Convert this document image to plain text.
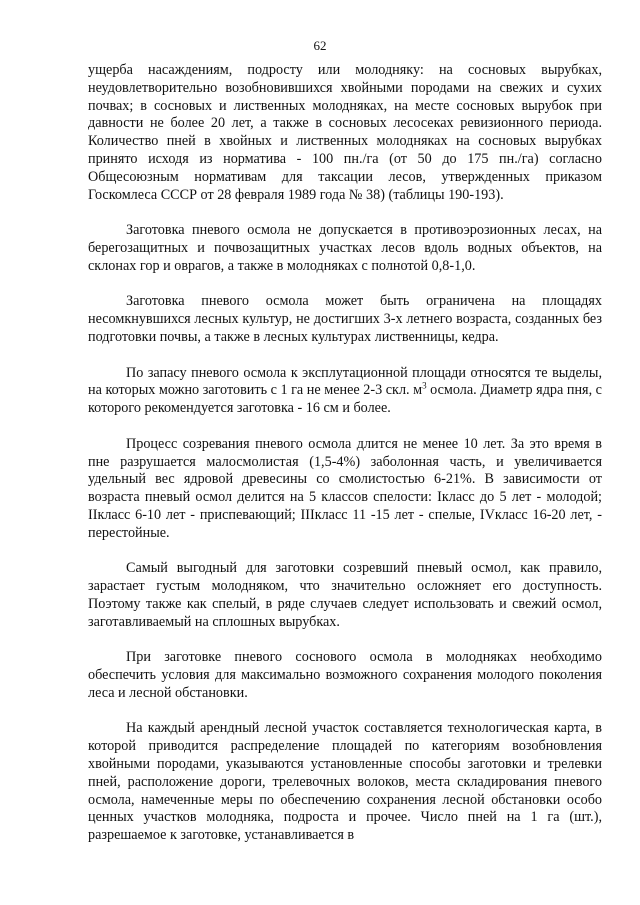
62

ущерба насаждениям, подросту или молодняку: на сосновых вырубках, неудовлетворительно возобновившихся хвойными породами на свежих и сухих почвах; в сосновых и лиственных молодняках, на месте сосновых вырубок при давности не более 20 лет, а также в сосновых лесосеках ревизионного периода. Количество пней в хвойных и лиственных молодняках на сосновых вырубках принято исходя из норматива - 100 пн./га (от 50 до 175 пн./га) согласно Общесоюзным нормативам для таксации лесов, утвержденных приказом Госкомлеса СССР от 28 февраля 1989 года № 38) (таблицы 190-193).

Заготовка пневого осмола не допускается в противоэрозионных лесах, на берегозащитных и почвозащитных участках лесов вдоль водных объектов, на склонах гор и оврагов, а также в молодняках с полнотой 0,8-1,0.

Заготовка пневого осмола может быть ограничена на площадях несомкнувшихся лесных культур, не достигших 3-х летнего возраста, созданных без подготовки почвы, а также в лесных культурах лиственницы, кедра.

По запасу пневого осмола к эксплутационной площади относятся те выделы, на которых можно заготовить с 1 га не менее 2-3 скл. $м^3$ осмола. Диаметр ядра пня, с которого рекомендуется заготовка - 16 см и более.

Процесс созревания пневого осмола длится не менее 10 лет. За это время в пне разрушается малосмолистая (1,5-4%) заболонная часть, и увеличивается удельный вес ядровой древесины со смолистостью 6-21%. В зависимости от возраста пневый осмол делится на 5 классов спелости: Iкласс до 5 лет - молодой; IIкласс 6-10 лет - приспевающий; IIIкласс 11 -15 лет - спелые, IVкласс 16-20 лет, - перестойные.

Самый выгодный для заготовки созревший пневый осмол, как правило, зарастает густым молодняком, что значительно осложняет его доступность. Поэтому также как спелый, в ряде случаев следует использовать и свежий осмол, заготавливаемый на сплошных вырубках.

При заготовке пневого соснового осмола в молодняках необходимо обеспечить условия для максимально возможного сохранения молодого поколения леса и лесной обстановки.

На каждый арендный лесной участок составляется технологическая карта, в которой приводится распределение площадей по категориям возобновления хвойными породами, указываются установленные способы заготовки и трелевки пней, расположение дороги, трелевочных волоков, места складирования пневого осмола, намеченные меры по обеспечению сохранения лесной обстановки особо ценных участков молодняка, подроста и прочее. Число пней на 1 га (шт.), разрешаемое к заготовке, устанавливается в
